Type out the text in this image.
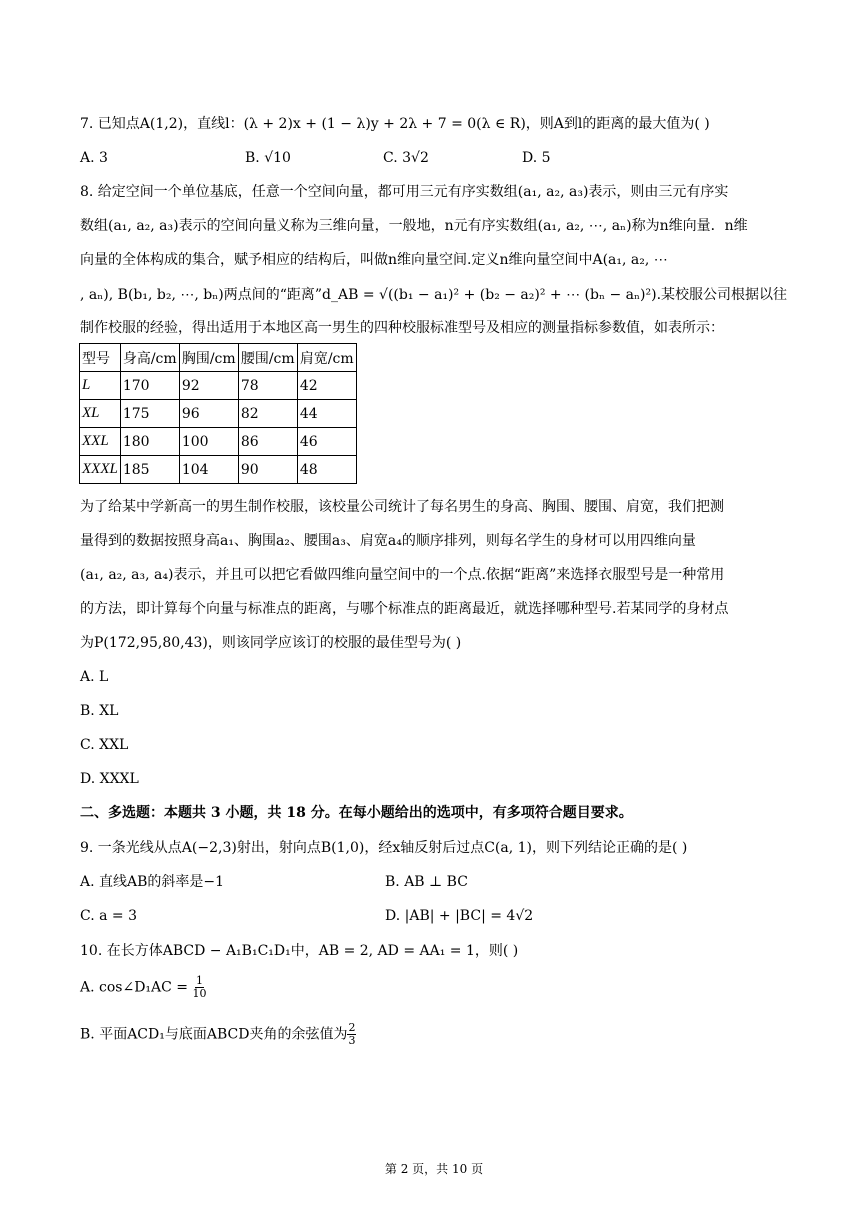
7. 已知点A(1,2)，直线l：(λ + 2)x + (1 − λ)y + 2λ + 7 = 0(λ ∈ R)，则A到l的距离的最大值为( )
A. 3	B. √10	C. 3√2	D. 5
8. 给定空间一个单位基底，任意一个空间向量，都可用三元有序实数组(a₁, a₂, a₃)表示，则由三元有序实
数组(a₁, a₂, a₃)表示的空间向量义称为三维向量，一般地，n元有序实数组(a₁, a₂, ⋯, aₙ)称为n维向量．n维
向量的全体构成的集合，赋予相应的结构后，叫做n维向量空间.定义n维向量空间中A(a₁, a₂, ⋯
, aₙ), B(b₁, b₂, ⋯, bₙ)两点间的“距离”d_AB = √((b₁ − a₁)² + (b₂ − a₂)² + ⋯ (bₙ − aₙ)²).某校服公司根据以往
制作校服的经验，得出适用于本地区高一男生的四种校服标准型号及相应的测量指标参数值，如表所示：
型号	身高/cm	胸围/cm	腰围/cm	肩宽/cm
L	170	92	78	42
XL	175	96	82	44
XXL	180	100	86	46
XXXL	185	104	90	48
为了给某中学新高一的男生制作校服，该校量公司统计了每名男生的身高、胸围、腰围、肩宽，我们把测
量得到的数据按照身高a₁、胸围a₂、腰围a₃、肩宽a₄的顺序排列，则每名学生的身材可以用四维向量
(a₁, a₂, a₃, a₄)表示，并且可以把它看做四维向量空间中的一个点.依据“距离”来选择衣服型号是一种常用
的方法，即计算每个向量与标准点的距离，与哪个标准点的距离最近，就选择哪种型号.若某同学的身材点
为P(172,95,80,43)，则该同学应该订的校服的最佳型号为( )
A. L
B. XL
C. XXL
D. XXXL
二、多选题：本题共 3 小题，共 18 分。在每小题给出的选项中，有多项符合题目要求。
9. 一条光线从点A(−2,3)射出，射向点B(1,0)，经x轴反射后过点C(a, 1)，则下列结论正确的是( )
A. 直线AB的斜率是−1	B. AB ⊥ BC
C. a = 3	D. |AB| + |BC| = 4√2
10. 在长方体ABCD − A₁B₁C₁D₁中，AB = 2, AD = AA₁ = 1，则( )
A. cos∠D₁AC = $\frac{1}{10}$
B. 平面ACD₁与底面ABCD夹角的余弦值为 $\frac{2}{3}$
第 2 页，共 10 页
